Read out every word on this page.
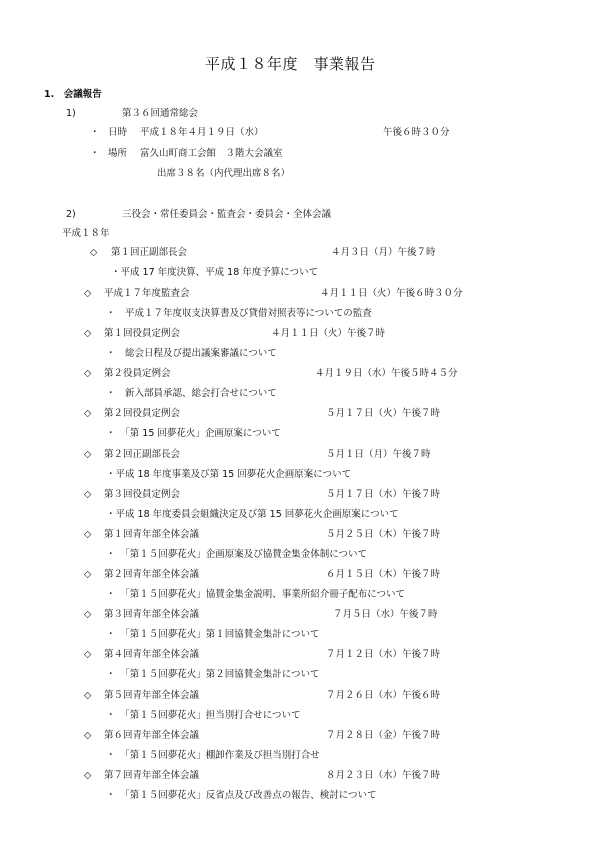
平成１８年度　事業報告
1.　会議報告
1)	第３６回通常総会
・ 日時 平成１８年４月１９日（水）	午後６時３０分
・ 場所 富久山町商工会館　３階大会議室
出席３８名（内代理出席８名）
2)	三役会・常任委員会・監査会・委員会・全体会議
平成１８年
◇ 第１回正副部長会	４月３日（月）午後７時
・平成 17 年度決算、平成 18 年度予算について
◇ 平成１７年度監査会	４月１１日（火）午後６時３０分
・　平成１７年度収支決算書及び貸借対照表等についての監査
◇ 第１回役員定例会	４月１１日（火）午後７時
・　総会日程及び提出議案審議について
◇ 第２役員定例会	４月１９日（水）午後５時４５分
・　新入部員承認、総会打合せについて
◇ 第２回役員定例会	５月１７日（火）午後７時
・　「第 15 回夢花火」企画原案について
◇ 第２回正副部長会	５月１日（月）午後７時
・平成 18 年度事業及び第 15 回夢花火企画原案について
◇ 第３回役員定例会	５月１７日（水）午後７時
・平成 18 年度委員会組織決定及び第 15 回夢花火企画原案について
◇ 第１回青年部全体会議	５月２５日（木）午後７時
・　「第１５回夢花火」企画原案及び協賛金集金体制について
◇ 第２回青年部全体会議	６月１５日（木）午後７時
・　「第１５回夢花火」協賛金集金説明、事業所紹介冊子配布について
◇ 第３回青年部全体会議	７月５日（水）午後７時
・　「第１５回夢花火」第１回協賛金集計について
◇ 第４回青年部全体会議	７月１２日（水）午後７時
・　「第１５回夢花火」第２回協賛金集計について
◇ 第５回青年部全体会議	７月２６日（水）午後６時
・　「第１５回夢花火」担当別打合せについて
◇ 第６回青年部全体会議	７月２８日（金）午後７時
・　「第１５回夢花火」棚卸作業及び担当別打合せ
◇ 第７回青年部全体会議	８月２３日（水）午後７時
・　「第１５回夢花火」反省点及び改善点の報告、検討について
